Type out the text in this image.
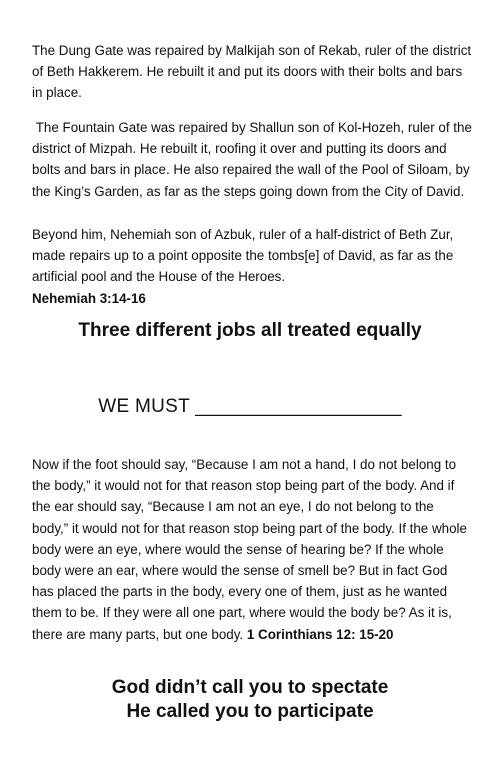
The Dung Gate was repaired by Malkijah son of Rekab, ruler of the district of Beth Hakkerem. He rebuilt it and put its doors with their bolts and bars in place.

The Fountain Gate was repaired by Shallun son of Kol-Hozeh, ruler of the district of Mizpah. He rebuilt it, roofing it over and putting its doors and bolts and bars in place. He also repaired the wall of the Pool of Siloam, by the King’s Garden, as far as the steps going down from the City of David.

Beyond him, Nehemiah son of Azbuk, ruler of a half-district of Beth Zur, made repairs up to a point opposite the tombs[e] of David, as far as the artificial pool and the House of the Heroes.
Nehemiah 3:14-16
Three different jobs all treated equally

WE MUST ___________________

Now if the foot should say, “Because I am not a hand, I do not belong to the body,” it would not for that reason stop being part of the body. And if the ear should say, “Because I am not an eye, I do not belong to the body,” it would not for that reason stop being part of the body. If the whole body were an eye, where would the sense of hearing be? If the whole body were an ear, where would the sense of smell be? But in fact God has placed the parts in the body, every one of them, just as he wanted them to be. If they were all one part, where would the body be? As it is, there are many parts, but one body. 1 Corinthians 12: 15-20
God didn’t call you to spectate
He called you to participate
